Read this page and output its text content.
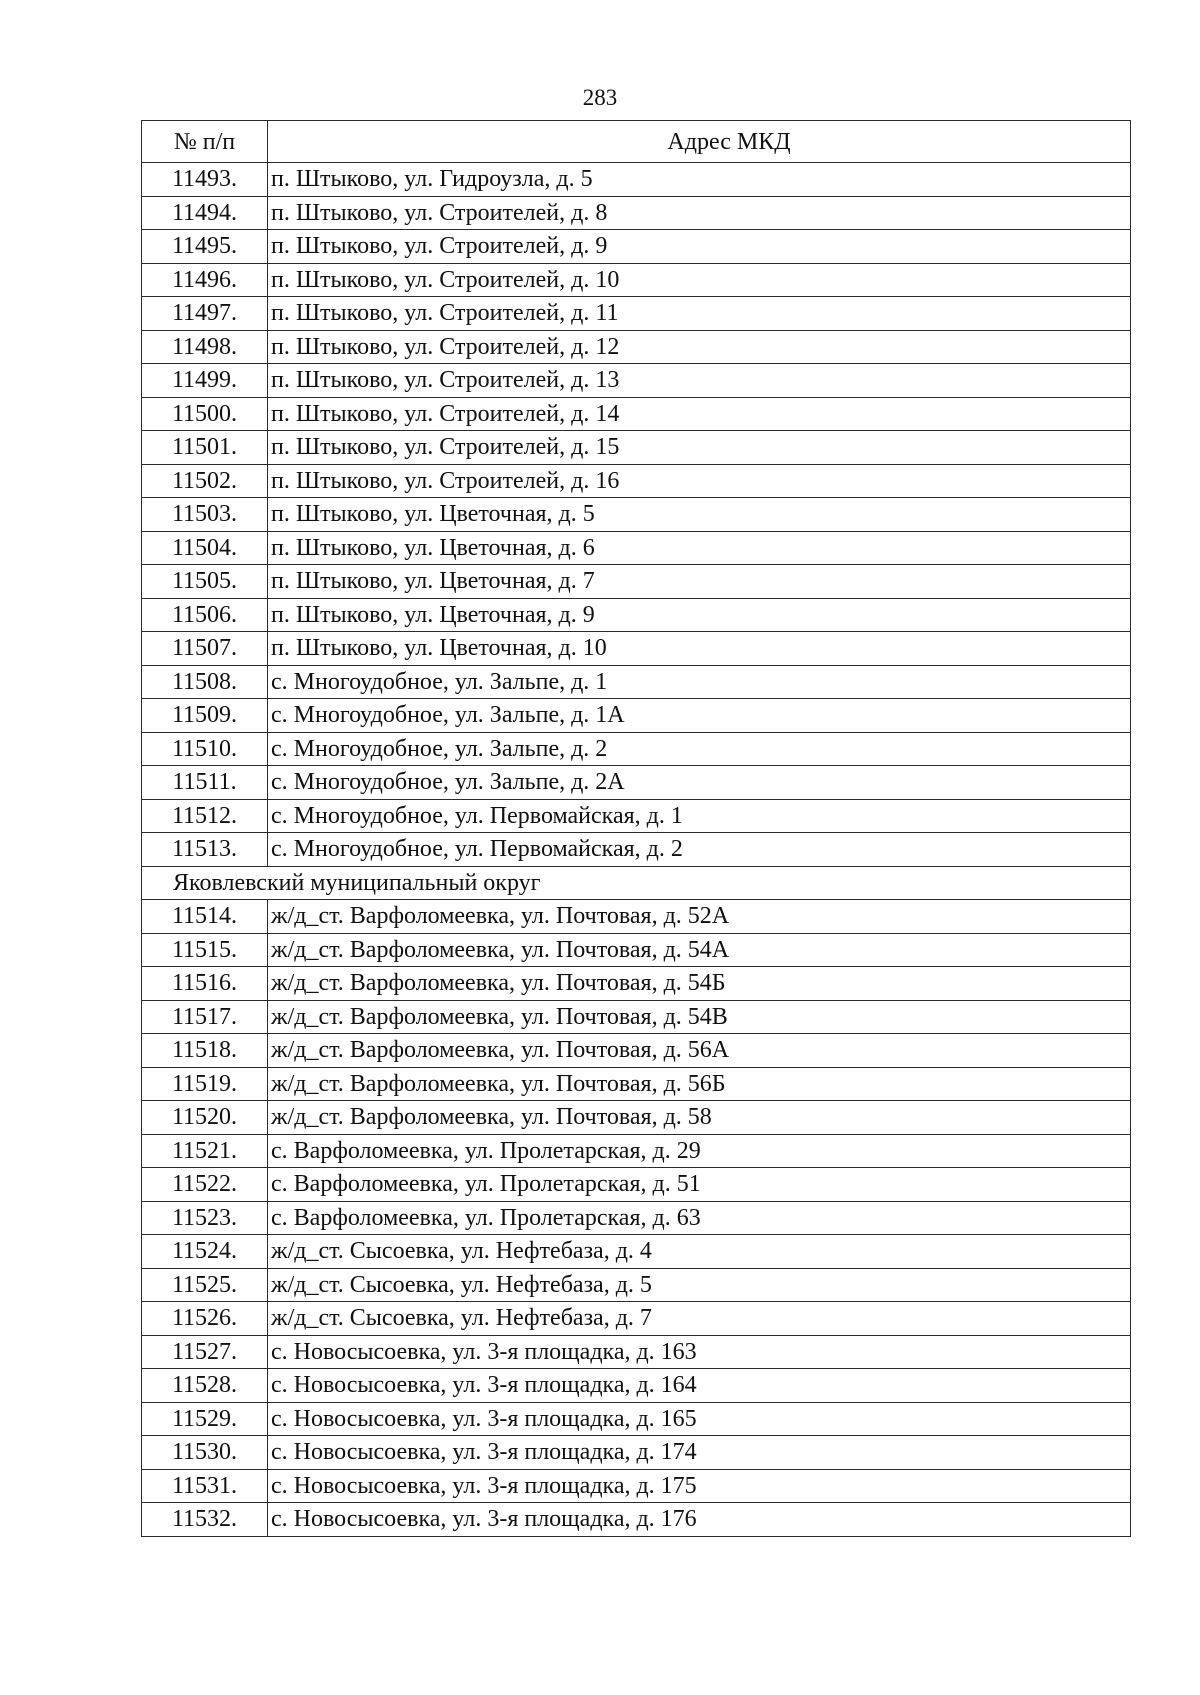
283
№ п/п	Адрес МКД
11493.	п. Штыково, ул. Гидроузла, д. 5
11494.	п. Штыково, ул. Строителей, д. 8
11495.	п. Штыково, ул. Строителей, д. 9
11496.	п. Штыково, ул. Строителей, д. 10
11497.	п. Штыково, ул. Строителей, д. 11
11498.	п. Штыково, ул. Строителей, д. 12
11499.	п. Штыково, ул. Строителей, д. 13
11500.	п. Штыково, ул. Строителей, д. 14
11501.	п. Штыково, ул. Строителей, д. 15
11502.	п. Штыково, ул. Строителей, д. 16
11503.	п. Штыково, ул. Цветочная, д. 5
11504.	п. Штыково, ул. Цветочная, д. 6
11505.	п. Штыково, ул. Цветочная, д. 7
11506.	п. Штыково, ул. Цветочная, д. 9
11507.	п. Штыково, ул. Цветочная, д. 10
11508.	с. Многоудобное, ул. Зальпе, д. 1
11509.	с. Многоудобное, ул. Зальпе, д. 1А
11510.	с. Многоудобное, ул. Зальпе, д. 2
11511.	с. Многоудобное, ул. Зальпе, д. 2А
11512.	с. Многоудобное, ул. Первомайская, д. 1
11513.	с. Многоудобное, ул. Первомайская, д. 2
Яковлевский муниципальный округ	
11514.	ж/д_ст. Варфоломеевка, ул. Почтовая, д. 52А
11515.	ж/д_ст. Варфоломеевка, ул. Почтовая, д. 54А
11516.	ж/д_ст. Варфоломеевка, ул. Почтовая, д. 54Б
11517.	ж/д_ст. Варфоломеевка, ул. Почтовая, д. 54В
11518.	ж/д_ст. Варфоломеевка, ул. Почтовая, д. 56А
11519.	ж/д_ст. Варфоломеевка, ул. Почтовая, д. 56Б
11520.	ж/д_ст. Варфоломеевка, ул. Почтовая, д. 58
11521.	с. Варфоломеевка, ул. Пролетарская, д. 29
11522.	с. Варфоломеевка, ул. Пролетарская, д. 51
11523.	с. Варфоломеевка, ул. Пролетарская, д. 63
11524.	ж/д_ст. Сысоевка, ул. Нефтебаза, д. 4
11525.	ж/д_ст. Сысоевка, ул. Нефтебаза, д. 5
11526.	ж/д_ст. Сысоевка, ул. Нефтебаза, д. 7
11527.	с. Новосысоевка, ул. 3-я площадка, д. 163
11528.	с. Новосысоевка, ул. 3-я площадка, д. 164
11529.	с. Новосысоевка, ул. 3-я площадка, д. 165
11530.	с. Новосысоевка, ул. 3-я площадка, д. 174
11531.	с. Новосысоевка, ул. 3-я площадка, д. 175
11532.	с. Новосысоевка, ул. 3-я площадка, д. 176
